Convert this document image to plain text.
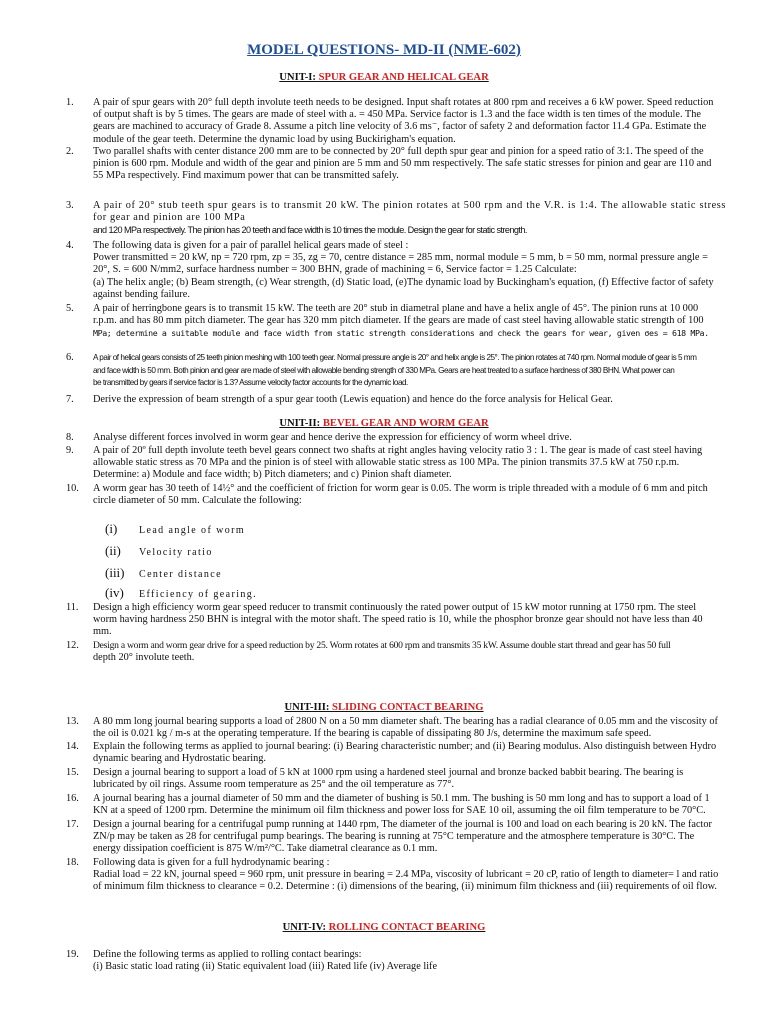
MODEL QUESTIONS- MD-II (NME-602)
UNIT-I: SPUR GEAR AND HELICAL GEAR
1.	A pair of spur gears with 20° full depth involute teeth needs to be designed. Input shaft rotates at 800 rpm and receives a 6 kW power. Speed reduction
of output shaft is by 5 times. The gears are made of steel with a. = 450 MPa. Service factor is 1.3 and the face width is ten times of the module. The
gears are machined to accuracy of Grade 8. Assume a pitch line velocity of 3.6 ms⁻, factor of safety 2 and deformation factor 11.4 GPa. Estimate the
module of the gear teeth. Determine the dynamic load by using Buckirigham's equation.
2.	Two parallel shafts with center distance 200 mm are to be connected by 20° full depth spur gear and pinion for a speed ratio of 3:1. The speed of the
pinion is 600 rpm. Module and width of the gear and pinion are 5 mm and 50 mm respectively. The safe static stresses for pinion and gear are 110 and
55 MPa respectively. Find maximum power that can be transmitted safely.
3.	A pair of 20° stub teeth spur gears is to transmit 20 kW. The pinion rotates at 500 rpm and the V.R. is 1:4. The allowable static stress for gear and pinion are 100 MPa
and 120 MPa respectively. The pinion has 20 teeth and face width is 10 times the module. Design the gear for static strength.
4.	The following data is given for a pair of parallel helical gears made of steel :
Power transmitted = 20 kW, np = 720 rpm, zp = 35, zg = 70, centre distance = 285 mm, normal module = 5 mm, b = 50 mm, normal pressure angle =
20°, S. = 600 N/mm2, surface hardness number = 300 BHN, grade of machining = 6, Service factor = 1.25 Calculate:
(a) The helix angle; (b) Beam strength, (c) Wear strength, (d) Static load, (e)The dynamic load by Buckingham's equation, (f) Effective factor of safety
against bending failure.
5.	A pair of herringbone gears is to transmit 15 kW. The teeth are 20° stub in diametral plane and have a helix angle of 45°. The pinion runs at 10 000
r.p.m. and has 80 mm pitch diameter. The gear has 320 mm pitch diameter. If the gears are made of cast steel having allowable static strength of 100
MPa; determine a suitable module and face width from static strength considerations and check the gears for wear, given σes = 618 MPa.
6.	A pair of helical gears consists of 25 teeth pinion meshing with 100 teeth gear. Normal pressure angle is 20° and helix angle is 25°. The pinion rotates at 740 rpm. Normal module of gear is 5 mm
and face width is 50 mm. Both pinion and gear are made of steel with allowable bending strength of 330 MPa. Gears are heat treated to a surface hardness of 380 BHN. What power can
be transmitted by gears if service factor is 1.3? Assume velocity factor accounts for the dynamic load.
7.	Derive the expression of beam strength of a spur gear tooth (Lewis equation) and hence do the force analysis for Helical Gear.
UNIT-II: BEVEL GEAR AND WORM GEAR
8.	Analyse different forces involved in worm gear and hence derive the expression for efficiency of worm wheel drive.
9.	A pair of 20º full depth involute teeth bevel gears connect two shafts at right angles having velocity ratio 3 : 1. The gear is made of cast steel having
allowable static stress as 70 MPa and the pinion is of steel with allowable static stress as 100 MPa. The pinion transmits 37.5 kW at 750 r.p.m.
Determine: a) Module and face width; b) Pitch diameters; and c) Pinion shaft diameter.
10.	A worm gear has 30 teeth of 14½° and the coefficient of friction for worm gear is 0.05. The worm is triple threaded with a module of 6 mm and pitch
circle diameter of 50 mm. Calculate the following:
(i) Lead angle of worm
(ii) Velocity ratio
(iii) Center distance
(iv) Efficiency of gearing.
11.	Design a high efficiency worm gear speed reducer to transmit continuously the rated power output of 15 kW motor running at 1750 rpm. The steel
worm having hardness 250 BHN is integral with the motor shaft. The speed ratio is 10, while the phosphor bronze gear should not have less than 40
mm.
12.	Design a worm and worm gear drive for a speed reduction by 25. Worm rotates at 600 rpm and transmits 35 kW. Assume double start thread and gear has 50 full
depth 20° involute teeth.
UNIT-III: SLIDING CONTACT BEARING
13.	A 80 mm long journal bearing supports a load of 2800 N on a 50 mm diameter shaft. The bearing has a radial clearance of 0.05 mm and the viscosity of
the oil is 0.021 kg / m-s at the operating temperature. If the bearing is capable of dissipating 80 J/s, determine the maximum safe speed.
14.	Explain the following terms as applied to journal bearing: (i) Bearing characteristic number; and (ii) Bearing modulus. Also distinguish between Hydro
dynamic bearing and Hydrostatic bearing.
15.	Design a journal bearing to support a load of 5 kN at 1000 rpm using a hardened steel journal and bronze backed babbit bearing. The bearing is
lubricated by oil rings. Assume room temperature as 25° and the oil temperature as 77°.
16.	A journal bearing has a journal diameter of 50 mm and the diameter of bushing is 50.1 mm. The bushing is 50 mm long and has to support a load of 1
KN at a speed of 1200 rpm. Determine the minimum oil film thickness and power loss for SAE 10 oil, assuming the oil film temperature to be 70°C.
17.	Design a journal bearing for a centrifugal pump running at 1440 rpm, The diameter of the journal is 100 and load on each bearing is 20 kN. The factor
ZN/p may be taken as 28 for centrifugal pump bearings. The bearing is running at 75°C temperature and the atmosphere temperature is 30°C. The
energy dissipation coefficient is 875 W/m²/°C. Take diametral clearance as 0.1 mm.
18.	Following data is given for a full hydrodynamic bearing :
Radial load = 22 kN, journal speed = 960 rpm, unit pressure in bearing = 2.4 MPa, viscosity of lubricant = 20 cP, ratio of length to diameter= l and ratio
of minimum film thickness to clearance = 0.2. Determine : (i) dimensions of the bearing, (ii) minimum film thickness and (iii) requirements of oil flow.
UNIT-IV: ROLLING CONTACT BEARING
19.	Define the following terms as applied to rolling contact bearings:
(i) Basic static load rating (ii) Static equivalent load (iii) Rated life (iv) Average life
